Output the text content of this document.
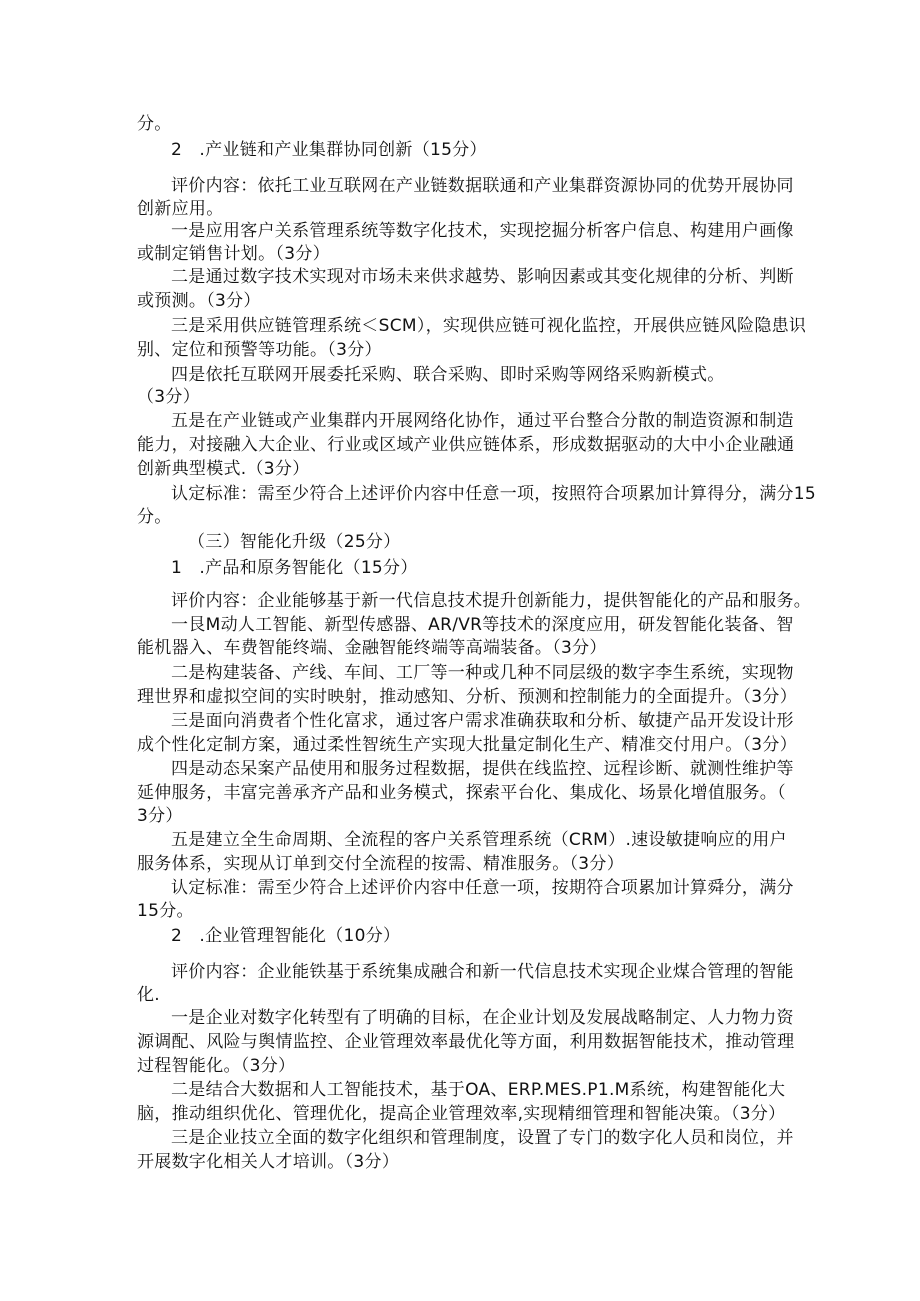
分。

2　.产业链和产业集群协同创新（15分）

评价内容：依托工业互联网在产业链数据联通和产业集群资源协同的优势开展协同

创新应用。

一是应用客户关系管理系统等数字化技术，实现挖掘分析客户信息、构建用户画像

或制定销售计划。（3分）

二是通过数字技术实现对市场未来供求越势、影响因素或其变化规律的分析、判断

或预测。（3分）

三是采用供应链管理系统＜SCM），实现供应链可视化监控，开展供应链风险隐患识

别、定位和预警等功能。（3分）

四是依托互联网开展委托采购、联合采购、即时采购等网络采购新模式。

（3分）

五是在产业链或产业集群内开展网络化协作，通过平台整合分散的制造资源和制造

能力，对接融入大企业、行业或区域产业供应链体系，形成数据驱动的大中小企业融通

创新典型模式.（3分）

认定标准：需至少符合上述评价内容中任意一项，按照符合项累加计算得分，满分15

分。

（三）智能化升级（25分）

1　.产品和原务智能化（15分）

评价内容：企业能够基于新一代信息技术提升创新能力，提供智能化的产品和服务。

一艮M动人工智能、新型传感器、AR/VR等技术的深度应用，研发智能化装备、智

能机器入、车费智能终端、金融智能终端等高端装备。（3分）

二是构建装备、产线、车间、工厂等一种或几种不同层级的数字李生系统，实现物

理世界和虚拟空间的实时映射，推动感知、分析、预测和控制能力的全面提升。（3分）

三是面向消费者个性化富求，通过客户需求准确获取和分析、敏捷产品开发设计形

成个性化定制方案，通过柔性智统生产实现大批量定制化生产、精准交付用户。（3分）

四是动态呆案产品使用和服务过程数据，提供在线监控、远程诊断、就测性维护等

延伸服务，丰富完善承齐产品和业务模式，探索平台化、集成化、场景化增值服务。（

3分）

五是建立全生命周期、全流程的客户关系管理系统（CRM）.速设敏捷响应的用户

服务体系，实现从订单到交付全流程的按需、精准服务。（3分）

认定标准：需至少符合上述评价内容中任意一项，按期符合项累加计算舜分，满分

15分。

2　.企业管理智能化（10分）

评价内容：企业能铁基于系统集成融合和新一代信息技术实现企业煤合管理的智能

化.

一是企业对数字化转型有了明确的目标，在企业计划及发展战略制定、人力物力资

源调配、风险与舆情监控、企业管理效率最优化等方面，利用数据智能技术，推动管理

过程智能化。（3分）

二是结合大数据和人工智能技术，基于OA、ERP.MES.P1.M系统，构建智能化大

脑，推动组织优化、管理优化，提高企业管理效率,实现精细管理和智能决策。（3分）

三是企业技立全面的数字化组织和管理制度，设置了专门的数字化人员和岗位，并

开展数字化相关人才培训。（3分）
